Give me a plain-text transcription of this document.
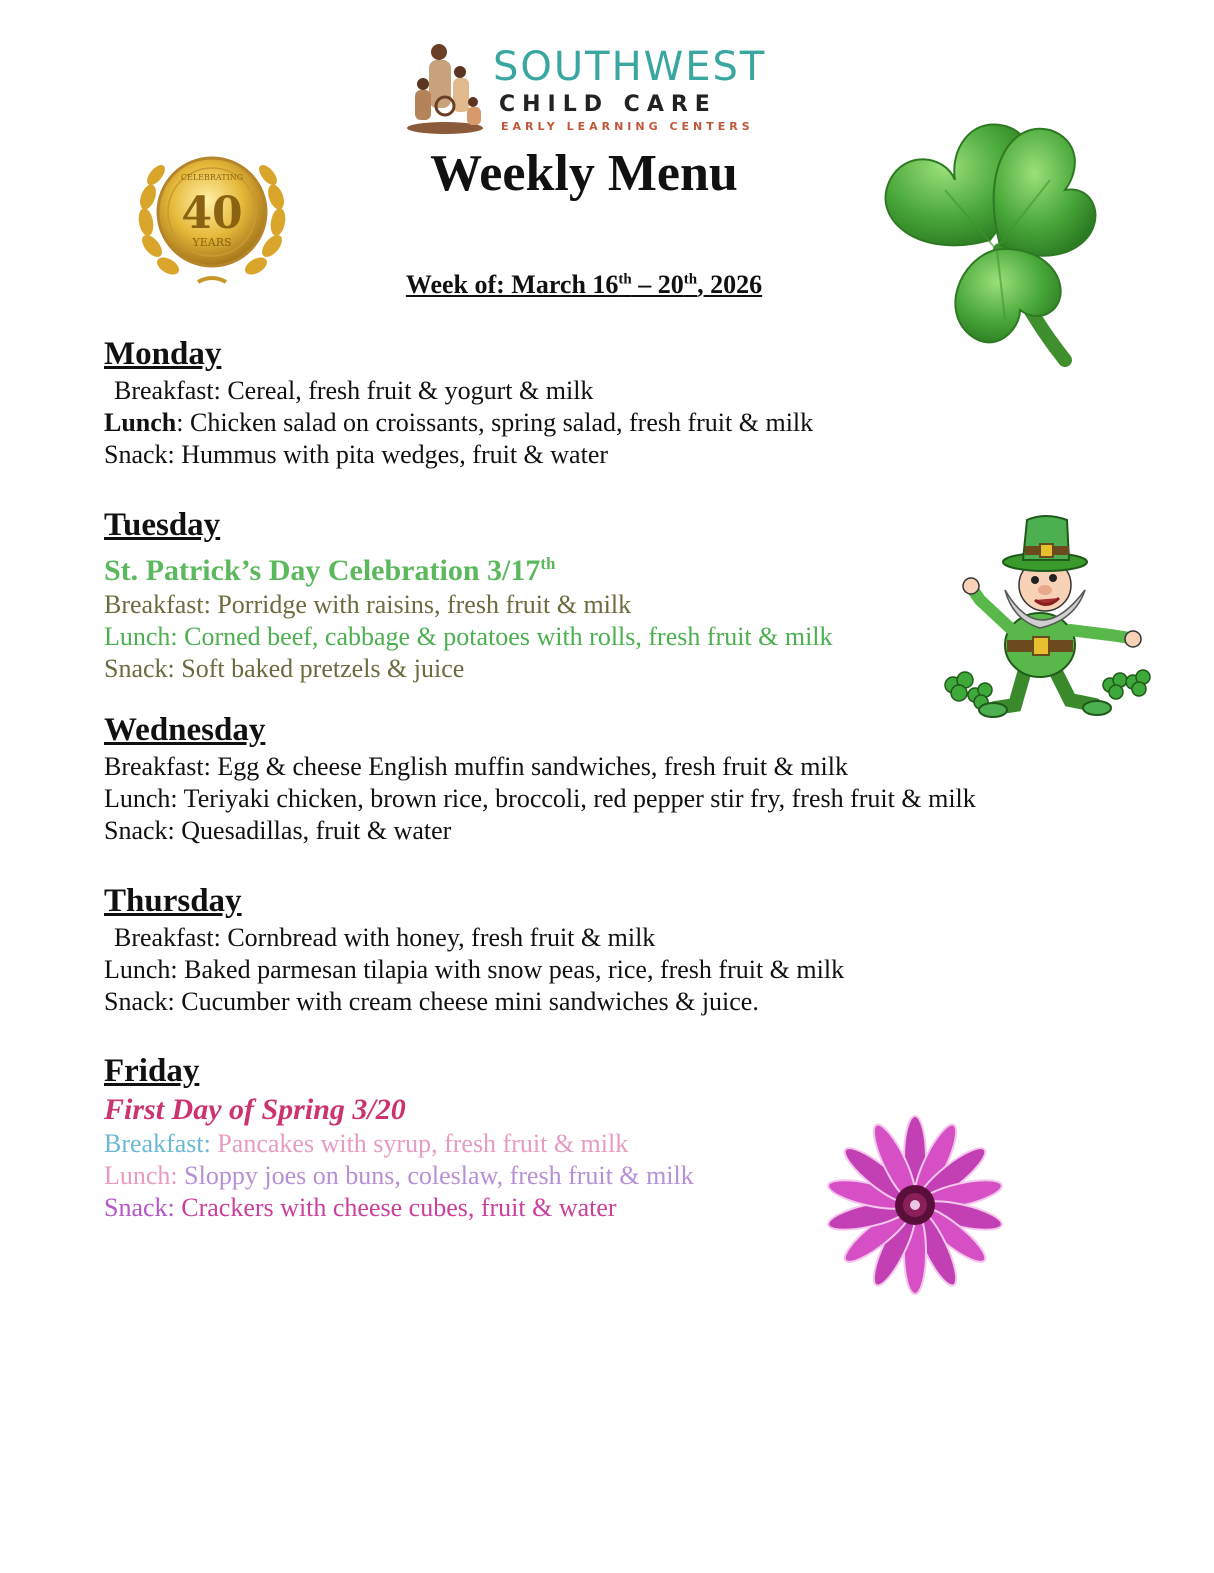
SOUTHWEST
CHILD CARE
EARLY LEARNING CENTERS
CELEBRATING
40
YEARS
Weekly Menu
Week of: March 16th – 20th, 2026
Monday
Breakfast: Cereal, fresh fruit & yogurt & milk
Lunch: Chicken salad on croissants, spring salad, fresh fruit & milk
Snack: Hummus with pita wedges, fruit & water
Tuesday
St. Patrick’s Day Celebration 3/17th
Breakfast: Porridge with raisins, fresh fruit & milk
Lunch: Corned beef, cabbage & potatoes with rolls, fresh fruit & milk
Snack: Soft baked pretzels & juice
Wednesday
Breakfast: Egg & cheese English muffin sandwiches, fresh fruit & milk
Lunch: Teriyaki chicken, brown rice, broccoli, red pepper stir fry, fresh fruit & milk
Snack: Quesadillas, fruit & water
Thursday
Breakfast: Cornbread with honey, fresh fruit & milk
Lunch: Baked parmesan tilapia with snow peas, rice, fresh fruit & milk
Snack: Cucumber with cream cheese mini sandwiches & juice.
Friday
First Day of Spring 3/20
Breakfast: Pancakes with syrup, fresh fruit & milk
Lunch: Sloppy joes on buns, coleslaw, fresh fruit & milk
Snack: Crackers with cheese cubes, fruit & water
